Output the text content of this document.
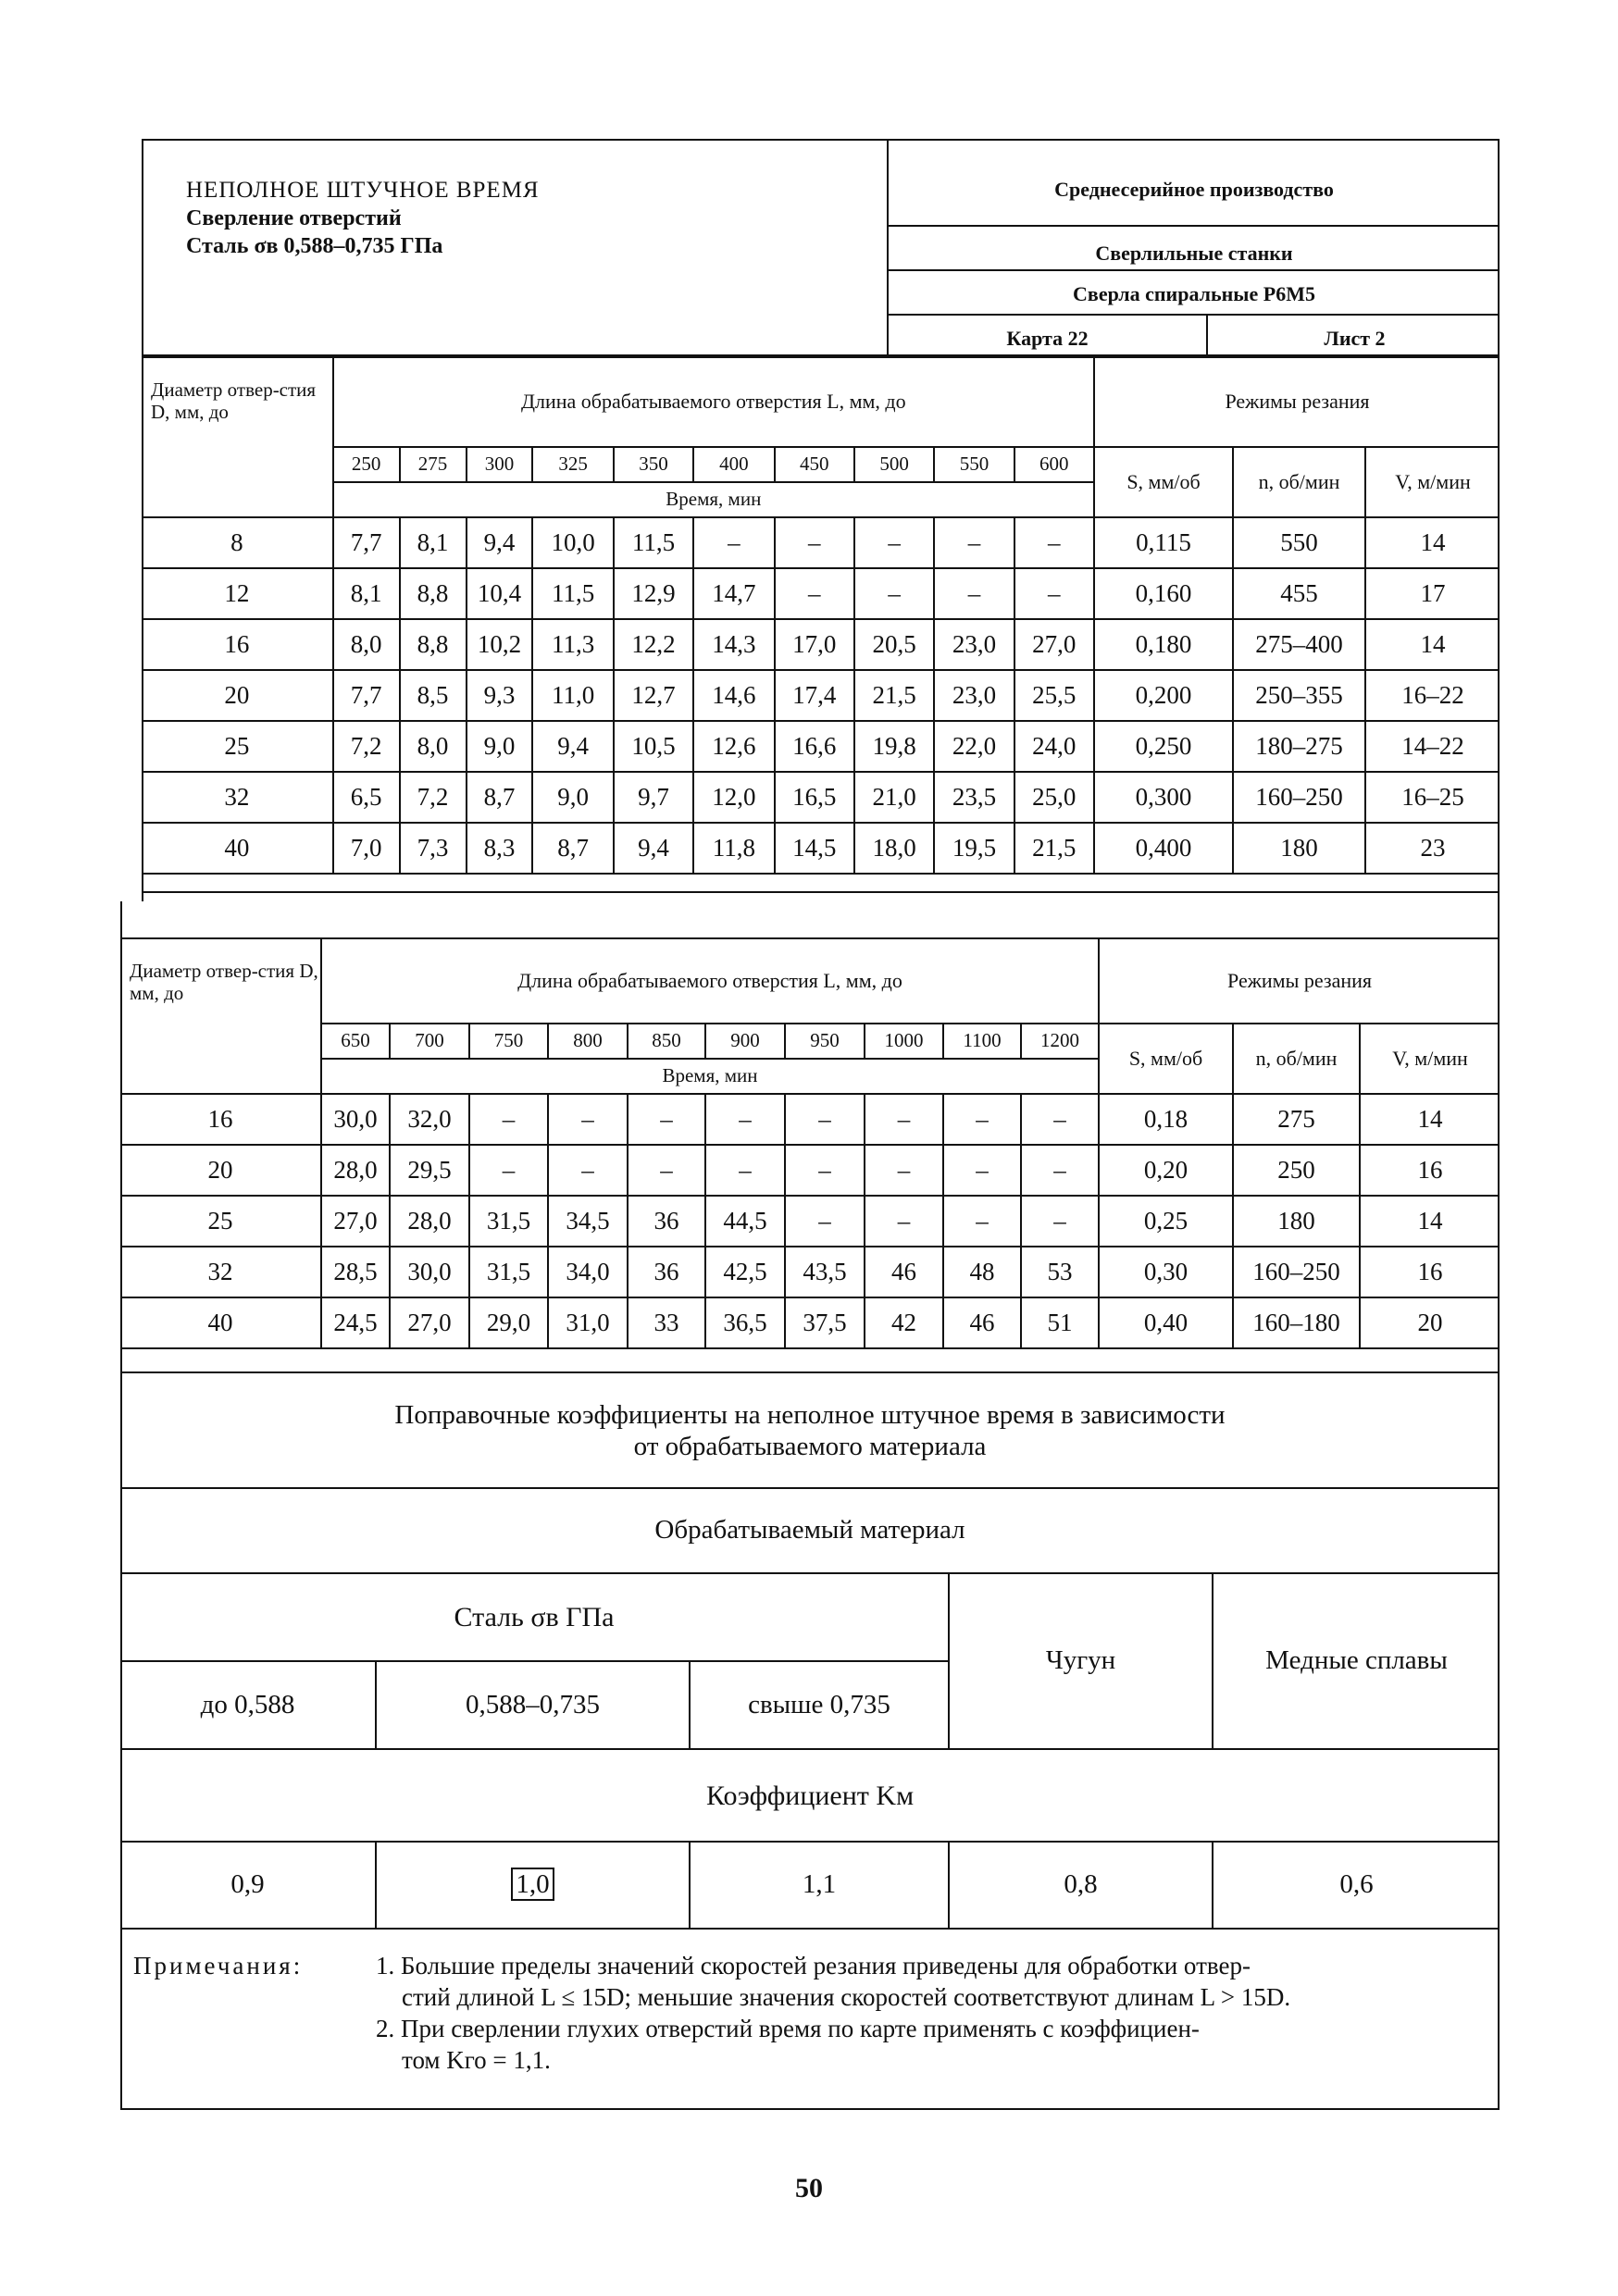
НЕПОЛНОЕ ШТУЧНОЕ ВРЕМЯ
Сверление отверстий
Сталь σв 0,588–0,735 ГПа
Среднесерийное производство
Сверлильные станки
Сверла спиральные Р6М5
Карта 22	Лист 2
Диаметр отвер-стия D, мм, до	Длина обрабатываемого отверстия L, мм, до										Режимы резания		
	250	275	300	325	350	400	450	500	550	600	S, мм/об	n, об/мин	V, м/мин
	Время, мин												
8	7,7	8,1	9,4	10,0	11,5	–	–	–	–	–	0,115	550	14
12	8,1	8,8	10,4	11,5	12,9	14,7	–	–	–	–	0,160	455	17
16	8,0	8,8	10,2	11,3	12,2	14,3	17,0	20,5	23,0	27,0	0,180	275–400	14
20	7,7	8,5	9,3	11,0	12,7	14,6	17,4	21,5	23,0	25,5	0,200	250–355	16–22
25	7,2	8,0	9,0	9,4	10,5	12,6	16,6	19,8	22,0	24,0	0,250	180–275	14–22
32	6,5	7,2	8,7	9,0	9,7	12,0	16,5	21,0	23,5	25,0	0,300	160–250	16–25
40	7,0	7,3	8,3	8,7	9,4	11,8	14,5	18,0	19,5	21,5	0,400	180	23
Диаметр отвер-стия D, мм, до	Длина обрабатываемого отверстия L, мм, до										Режимы резания		
	650	700	750	800	850	900	950	1000	1100	1200	S, мм/об	n, об/мин	V, м/мин
	Время, мин												
16	30,0	32,0	–	–	–	–	–	–	–	–	0,18	275	14
20	28,0	29,5	–	–	–	–	–	–	–	–	0,20	250	16
25	27,0	28,0	31,5	34,5	36	44,5	–	–	–	–	0,25	180	14
32	28,5	30,0	31,5	34,0	36	42,5	43,5	46	48	53	0,30	160–250	16
40	24,5	27,0	29,0	31,0	33	36,5	37,5	42	46	51	0,40	160–180	20
Поправочные коэффициенты на неполное штучное время в зависимости
от обрабатываемого материала
Обрабатываемый материал				
Сталь σв ГПа			Чугун	Медные сплавы
до 0,588	0,588–0,735	свыше 0,735		
Коэффициент Kм				
0,9	1,0	1,1	0,8	0,6
Примечания:	1. Большие пределы значений скоростей резания приведены для обработки отвер-
стий длиной L ≤ 15D; меньшие значения скоростей соответствуют длинам L > 15D.
2. При сверлении глухих отверстий время по карте применять с коэффициен-
том Kго = 1,1.
50
